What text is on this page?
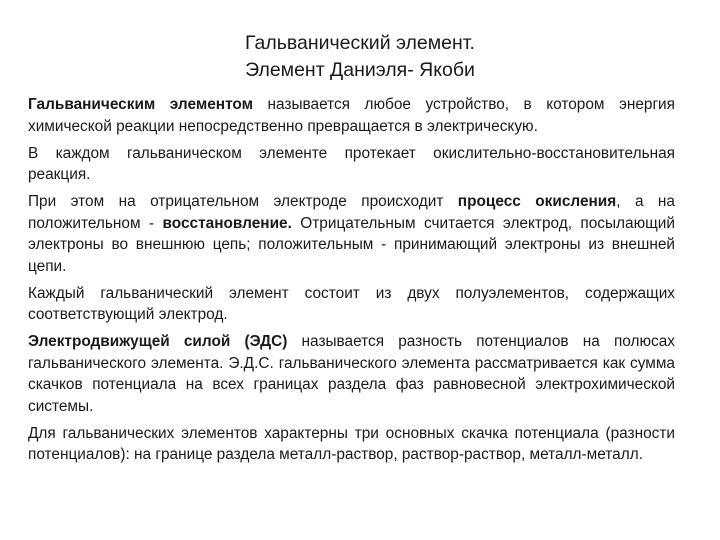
Гальванический элемент.
Элемент Даниэля- Якоби

Гальваническим элементом называется любое устройство, в котором энергия химической реакции непосредственно превращается в электрическую.

В каждом гальваническом элементе протекает окислительно-восстановительная реакция.

При этом на отрицательном электроде происходит процесс окисления, а на положительном - восстановление. Отрицательным считается электрод, посылающий электроны во внешнюю цепь; положительным - принимающий электроны из внешней цепи.

Каждый гальванический элемент состоит из двух полуэлементов, содержащих соответствующий электрод.

Электродвижущей силой (ЭДС) называется разность потенциалов на полюсах гальванического элемента. Э.Д.С. гальванического элемента рассматривается как сумма скачков потенциала на всех границах раздела фаз равновесной электрохимической системы.

Для гальванических элементов характерны три основных скачка потенциала (разности потенциалов): на границе раздела металл-раствор, раствор-раствор, металл-металл.
